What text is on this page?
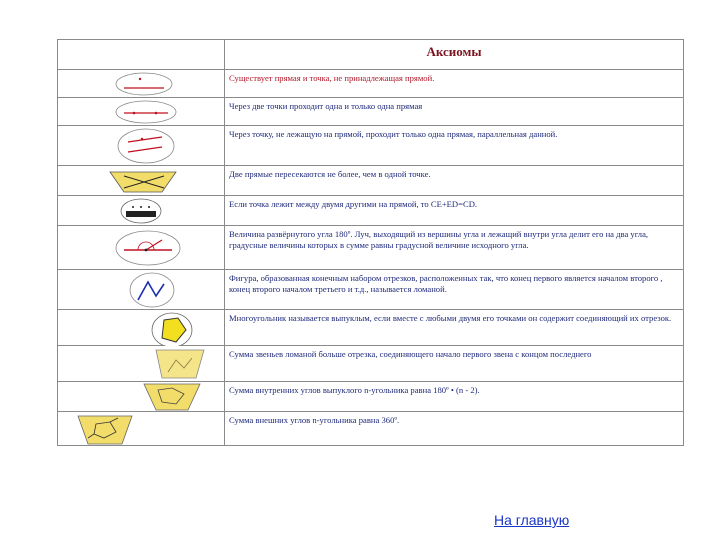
	Аксиомы

	Существует прямая и точка, не принадлежащая прямой.

	Через две точки проходит одна и только одна прямая

	Через точку, не лежащую на прямой, проходит только одна прямая, параллельная данной.

	Две прямые пересекаются не более, чем в одной точке.

	Если точка лежит между двумя другими на прямой, то СЕ+ЕD=СD.

	Величина развёрнутого угла 180º. Луч, выходящий из вершины угла и лежащий внутри угла делит его на два угла, градусные величины которых в сумме равны градусной величине исходного угла.

	Фигура, образованная конечным набором отрезков, расположенных так, что конец первого является началом второго , конец второго началом третьего и т.д., называется ломаной.

	Многоугольник называется выпуклым, если вместе с любыми двумя его точками он содержит соединяющий их отрезок.

	Сумма звеньев ломаной больше отрезка, соединяющего начало первого звена с концом последнего

	Сумма внутренних углов выпуклого n-угольника равна 180º • (n - 2).

	Сумма внешних углов n-угольника равна 360º.
На главную
